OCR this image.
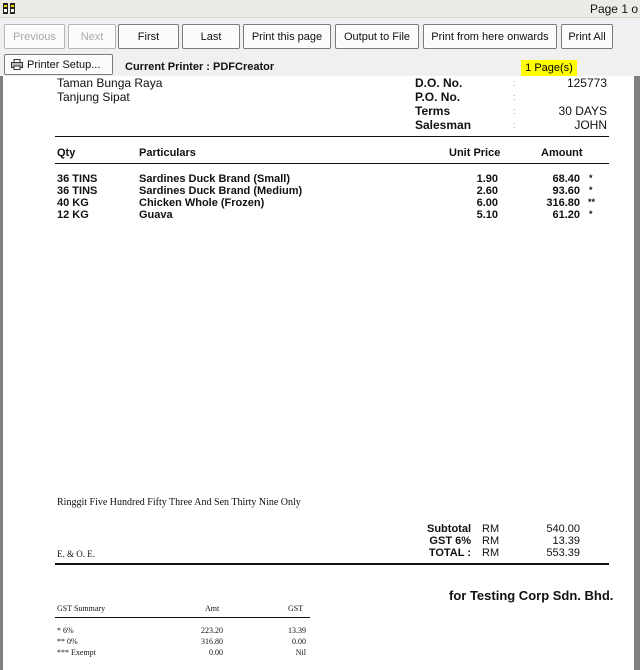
Page 1 o
Previous	Next	First	Last	Print this page	Output to File	Print from here onwards	Print All
Printer Setup... Current Printer : PDFCreator	1 Page(s)
Taman Bunga Raya
Tanjung Sipat
D.O. No.	:	125773
P.O. No.	:
Terms	:	30 DAYS
Salesman	:	JOHN
Qty	Particulars	Unit Price	Amount
36 TINS	Sardines Duck Brand (Small)	1.90	68.40 *
36 TINS	Sardines Duck Brand (Medium)	2.60	93.60 *
40 KG	Chicken Whole (Frozen)	6.00	316.80 **
12 KG	Guava	5.10	61.20 *
Ringgit Five Hundred Fifty Three And Sen Thirty Nine Only
Subtotal RM	540.00
GST 6% RM	13.39
TOTAL : RM	553.39
E. & O. E.
for Testing Corp Sdn. Bhd.
GST Summary	Amt	GST
* 6%	223.20	13.39
** 0%	316.80	0.00
*** Exempt	0.00	Nil
